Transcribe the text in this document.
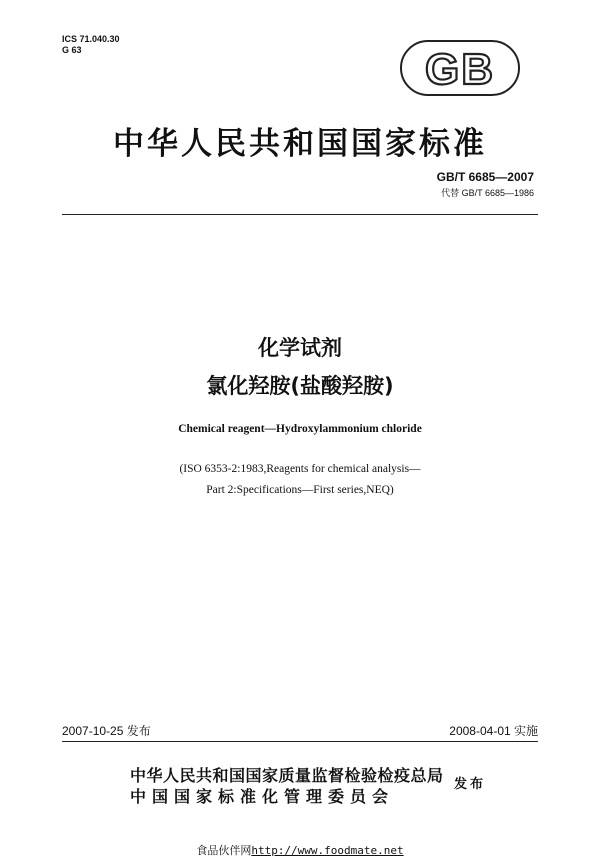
ICS 71.040.30
G 63	GB
中华人民共和国国家标准
GB/T 6685—2007
代替 GB/T 6685—1986
化学试剂
氯化羟胺(盐酸羟胺)
Chemical reagent—Hydroxylammonium chloride
(ISO 6353-2:1983,Reagents for chemical analysis—
Part 2:Specifications—First series,NEQ)
2007-10-25 发布	2008-04-01 实施
中华人民共和国国家质量监督检验检疫总局
中国国家标准化管理委员会
发布
食品伙伴网http://www.foodmate.net
